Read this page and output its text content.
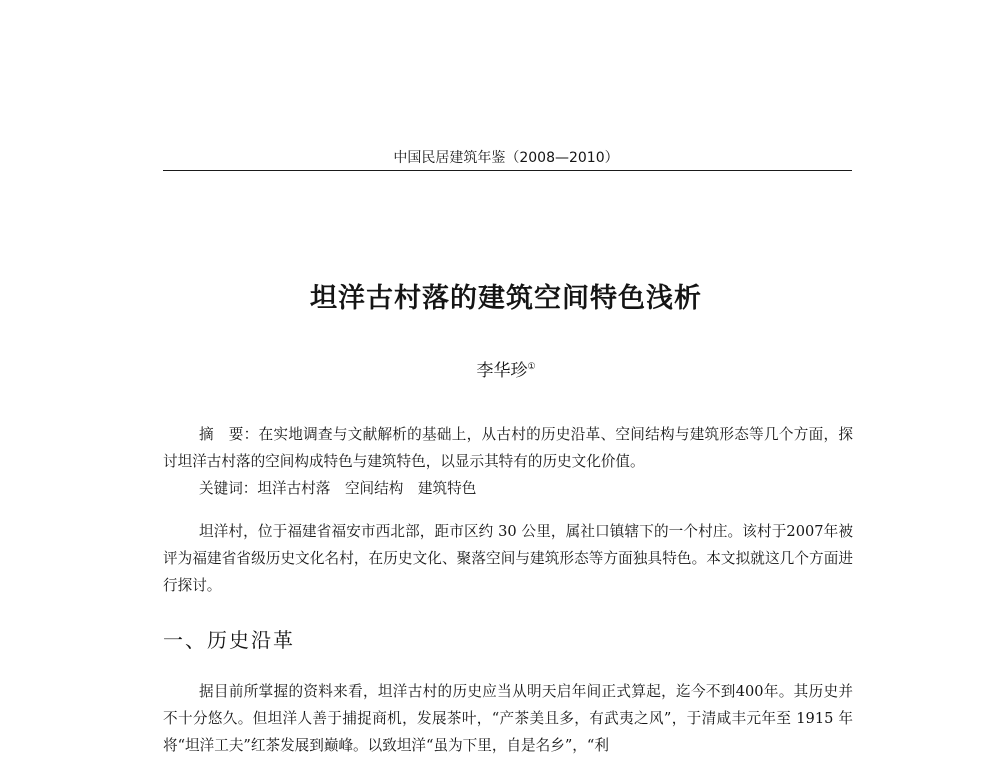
中国民居建筑年鉴（2008—2010）
坦洋古村落的建筑空间特色浅析
李华珍①

摘　要：在实地调查与文献解析的基础上，从古村的历史沿革、空间结构与建筑形态等几个方面，探讨坦洋古村落的空间构成特色与建筑特色，以显示其特有的历史文化价值。

关键词：坦洋古村落　空间结构　建筑特色

坦洋村，位于福建省福安市西北部，距市区约 30 公里，属社口镇辖下的一个村庄。该村于2007年被评为福建省省级历史文化名村，在历史文化、聚落空间与建筑形态等方面独具特色。本文拟就这几个方面进行探讨。

一、历史沿革

据目前所掌握的资料来看，坦洋古村的历史应当从明天启年间正式算起，迄今不到400年。其历史并不十分悠久。但坦洋人善于捕捉商机，发展茶叶，“产茶美且多，有武夷之风”，于清咸丰元年至 1915 年将“坦洋工夫”红茶发展到巅峰。以致坦洋“虽为下里，自是名乡”，“利
